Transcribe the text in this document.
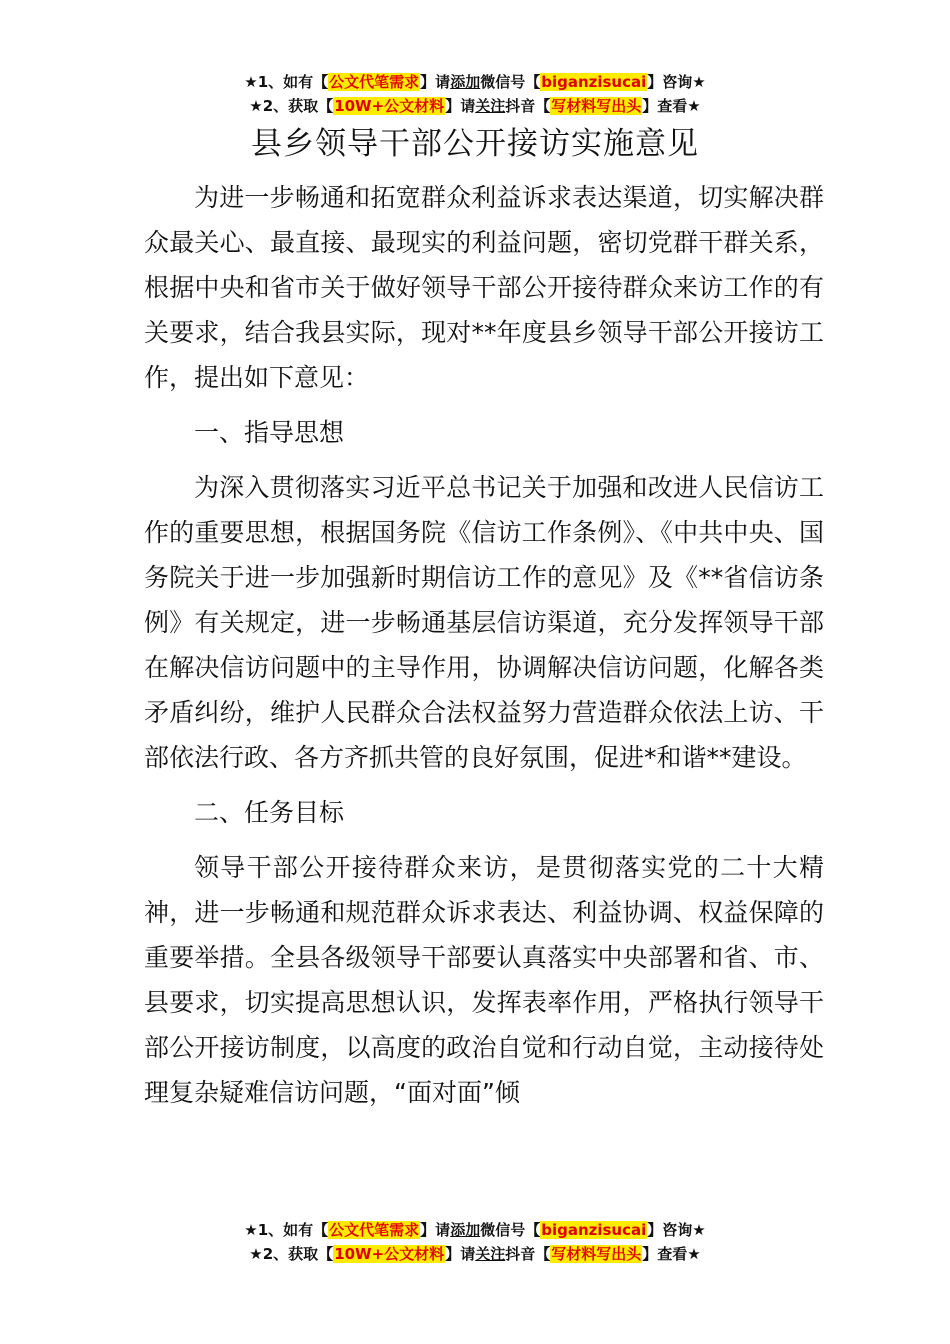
★1、如有【公文代笔需求】请添加微信号【biganzisucai】咨询★
★2、获取【10W+公文材料】请关注抖音【写材料写出头】查看★
县乡领导干部公开接访实施意见

为进一步畅通和拓宽群众利益诉求表达渠道，切实解决群众最关心、最直接、最现实的利益问题，密切党群干群关系，根据中央和省市关于做好领导干部公开接待群众来访工作的有关要求，结合我县实际，现对**年度县乡领导干部公开接访工作，提出如下意见：

一、指导思想

为深入贯彻落实习近平总书记关于加强和改进人民信访工作的重要思想，根据国务院《信访工作条例》、《中共中央、国务院关于进一步加强新时期信访工作的意见》及《**省信访条例》有关规定，进一步畅通基层信访渠道，充分发挥领导干部在解决信访问题中的主导作用，协调解决信访问题，化解各类矛盾纠纷，维护人民群众合法权益努力营造群众依法上访、干部依法行政、各方齐抓共管的良好氛围，促进*和谐**建设。

二、任务目标

领导干部公开接待群众来访，是贯彻落实党的二十大精神，进一步畅通和规范群众诉求表达、利益协调、权益保障的重要举措。全县各级领导干部要认真落实中央部署和省、市、县要求，切实提高思想认识，发挥表率作用，严格执行领导干部公开接访制度，以高度的政治自觉和行动自觉，主动接待处理复杂疑难信访问题，“面对面”倾

★1、如有【公文代笔需求】请添加微信号【biganzisucai】咨询★
★2、获取【10W+公文材料】请关注抖音【写材料写出头】查看★
